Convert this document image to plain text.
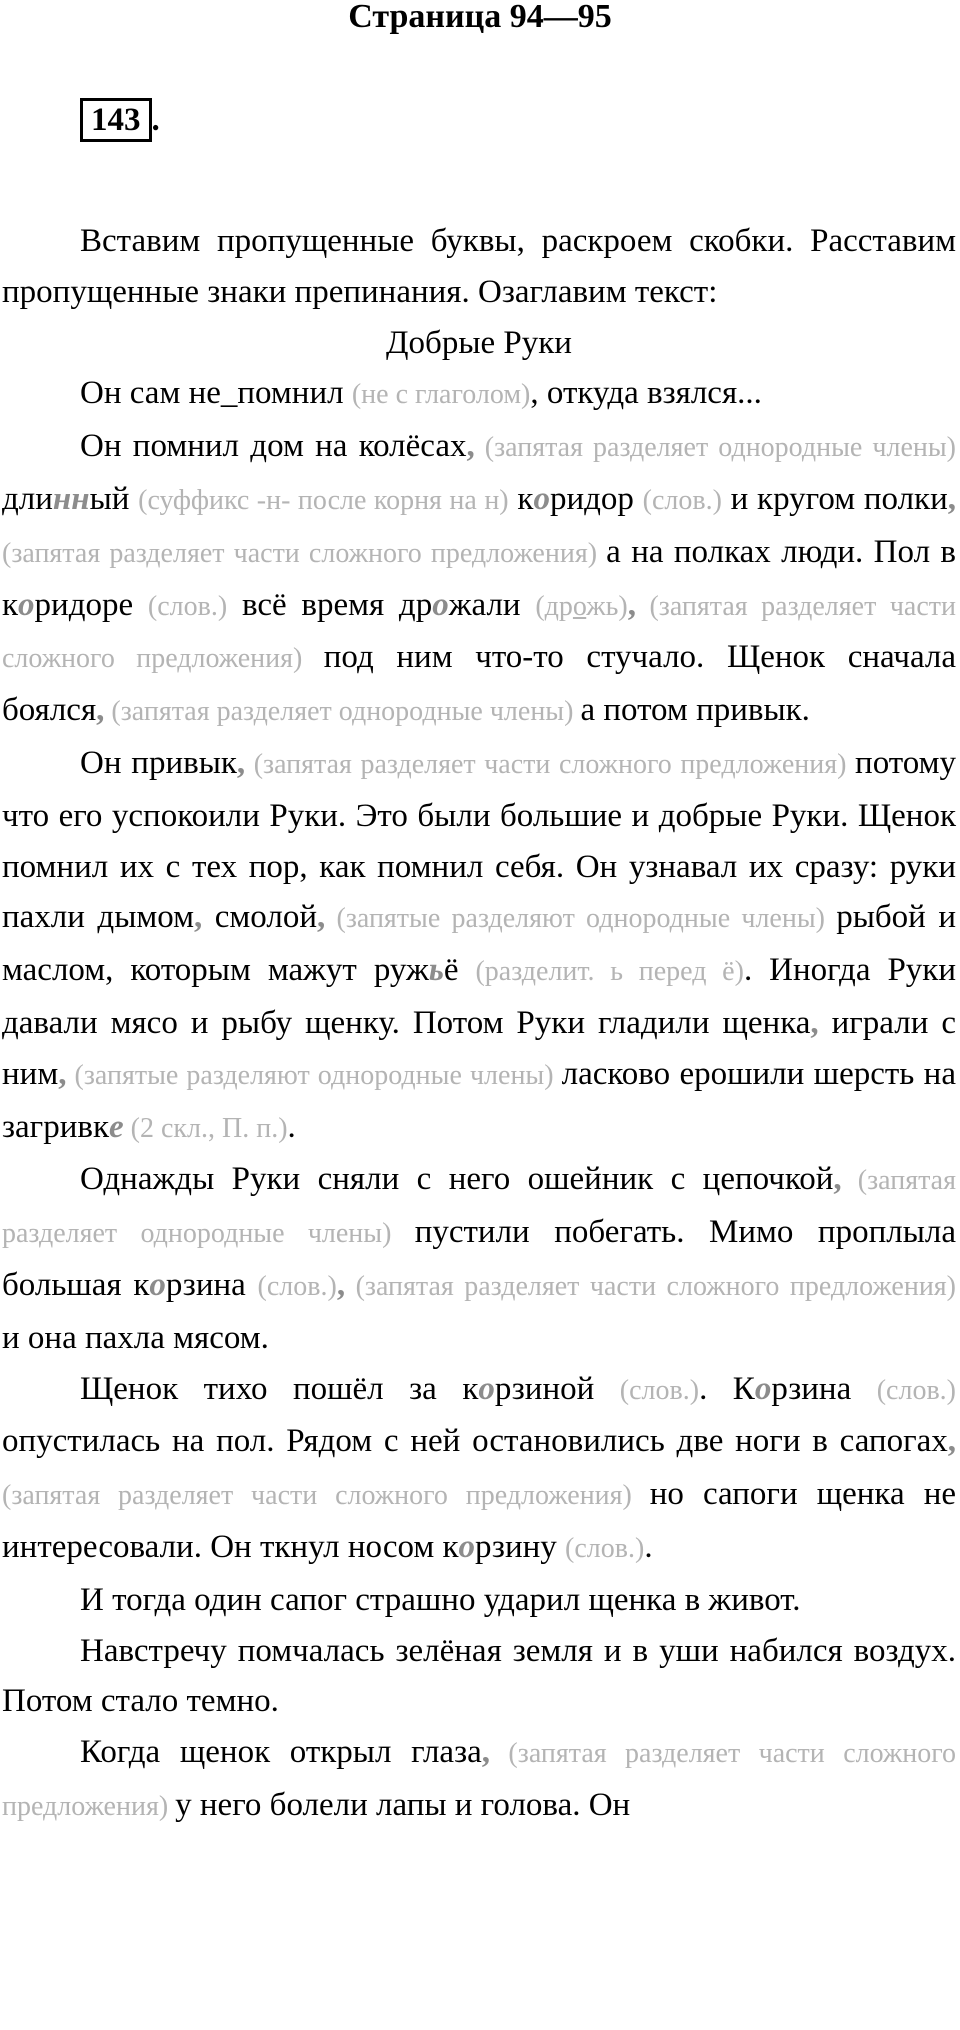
Страница 94—95
143 .

Вставим пропущенные буквы, раскроем скобки. Расставим пропущенные знаки препинания. Озаглавим текст:

Добрые Руки

Он сам не_помнил (не с глаголом), откуда взялся...

Он помнил дом на колёсах, (запятая разделяет однородные члены) длинный (суффикс -н- после корня на н) коридор (слов.) и кругом полки, (запятая разделяет части сложного предложения) а на полках люди. Пол в коридоре (слов.) всё время дрожали (дрожь), (запятая разделяет части сложного предложения) под ним что-то стучало. Щенок сначала боялся, (запятая разделяет однородные члены) а потом привык.

Он привык, (запятая разделяет части сложного предложения) потому что его успокоили Руки. Это были большие и добрые Руки. Щенок помнил их с тех пор, как помнил себя. Он узнавал их сразу: руки пахли дымом, смолой, (запятые разделяют однородные члены) рыбой и маслом, которым мажут ружьё (разделит. ь перед ё). Иногда Руки давали мясо и рыбу щенку. Потом Руки гладили щенка, играли с ним, (запятые разделяют однородные члены) ласково ерошили шерсть на загривке (2 скл., П. п.).

Однажды Руки сняли с него ошейник с цепочкой, (запятая разделяет однородные члены) пустили побегать. Мимо проплыла большая корзина (слов.), (запятая разделяет части сложного предложения) и она пахла мясом.

Щенок тихо пошёл за корзиной (слов.). Корзина (слов.) опустилась на пол. Рядом с ней остановились две ноги в сапогах, (запятая разделяет части сложного предложения) но сапоги щенка не интересовали. Он ткнул носом корзину (слов.).

И тогда один сапог страшно ударил щенка в живот.

Навстречу помчалась зелёная земля и в уши набился воздух. Потом стало темно.

Когда щенок открыл глаза, (запятая разделяет части сложного предложения) у него болели лапы и голова. Он
